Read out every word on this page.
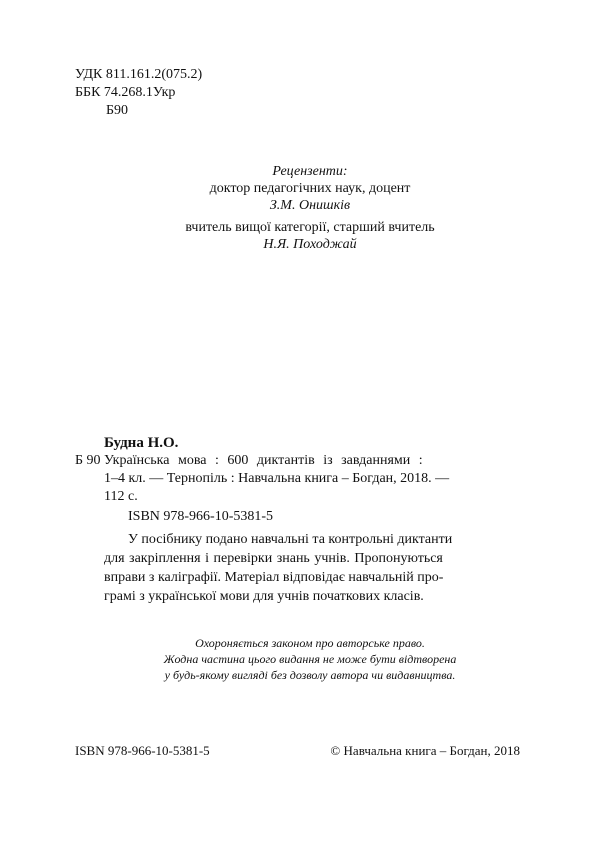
УДК 811.161.2(075.2)
ББК 74.268.1Укр
Б90
Рецензенти:
доктор педагогічних наук, доцент
З.М. Онишків
вчитель вищої категорії, старший вчитель
Н.Я. Походжай
Будна Н.О.
Б 90 Українська мова : 600 диктантів із завданнями :
1–4 кл. — Тернопіль : Навчальна книга – Богдан, 2018. —
112 с.
ISBN 978-966-10-5381-5
У посібнику подано навчальні та контрольні диктанти
для закріплення і перевірки знань учнів. Пропонуються
вправи з каліграфії. Матеріал відповідає навчальній про-
грамі з української мови для учнів початкових класів.
Охороняється законом про авторське право.
Жодна частина цього видання не може бути відтворена
у будь-якому вигляді без дозволу автора чи видавництва.
ISBN 978-966-10-5381-5	© Навчальна книга – Богдан, 2018
